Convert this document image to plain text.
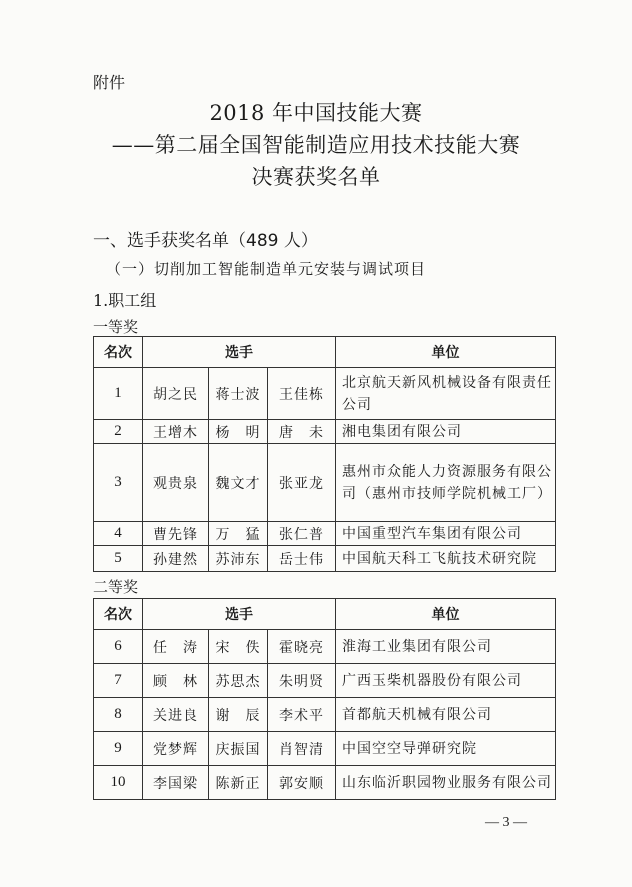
附件
2018 年中国技能大赛
——第二届全国智能制造应用技术技能大赛
决赛获奖名单
一、选手获奖名单（489 人）
（一）切削加工智能制造单元安装与调试项目
1.职工组
一等奖
名次	选手			单位
1	胡之民	蒋士波	王佳栋	北京航天新风机械设备有限责任公司
2	王增木	杨　明	唐　未	湘电集团有限公司
3	观贵泉	魏文才	张亚龙	惠州市众能人力资源服务有限公司（惠州市技师学院机械工厂）
4	曹先锋	万　猛	张仁普	中国重型汽车集团有限公司
5	孙建然	苏沛东	岳士伟	中国航天科工飞航技术研究院
二等奖
名次	选手			单位
6	任　涛	宋　佚	霍晓亮	淮海工业集团有限公司
7	顾　林	苏思杰	朱明贤	广西玉柴机器股份有限公司
8	关进良	谢　辰	李术平	首都航天机械有限公司
9	党梦辉	庆振国	肖智清	中国空空导弹研究院
10	李国梁	陈新正	郭安顺	山东临沂职园物业服务有限公司
— 3 —
